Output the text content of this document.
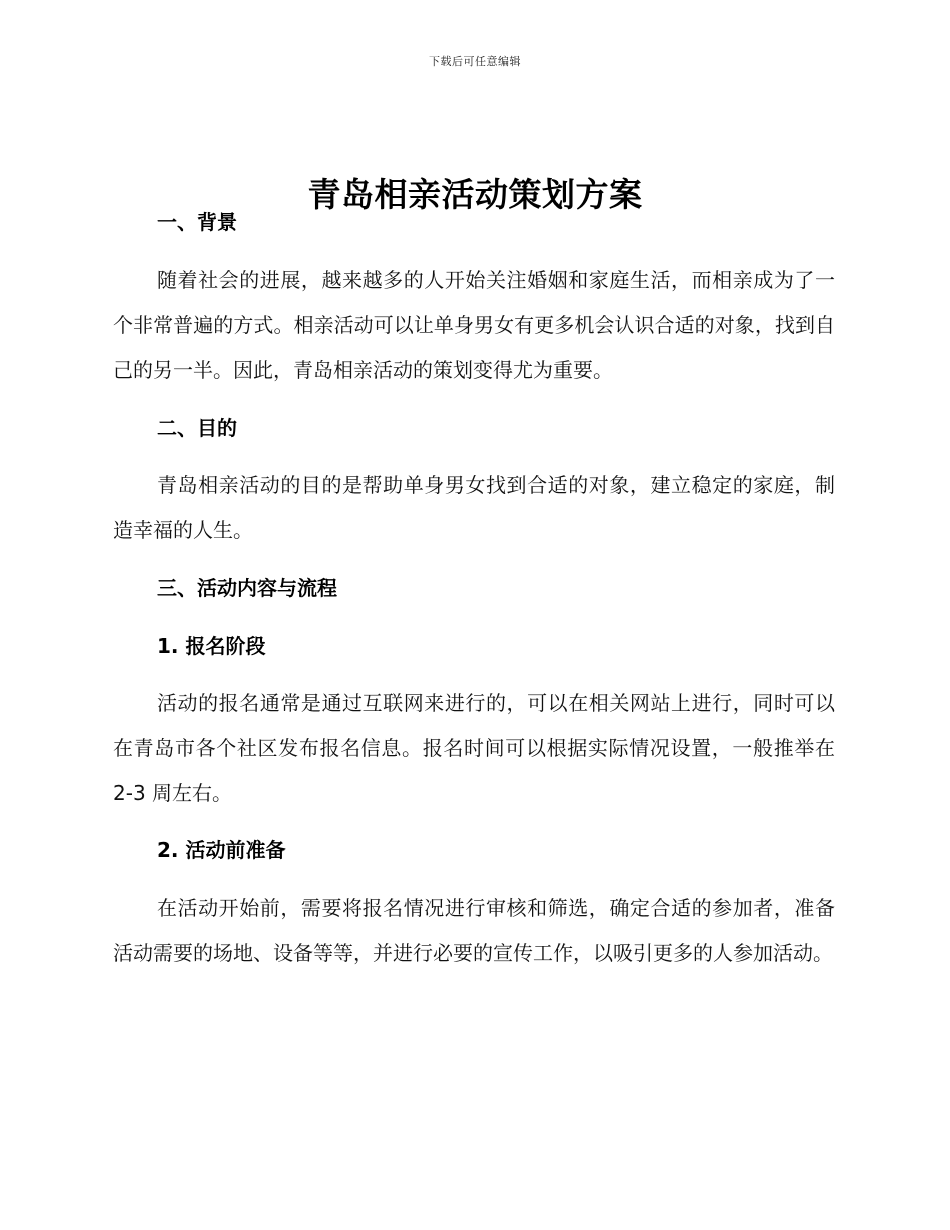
下载后可任意编辑
青岛相亲活动策划方案
一、背景

随着社会的进展，越来越多的人开始关注婚姻和家庭生活，而相亲成为了一个非常普遍的方式。相亲活动可以让单身男女有更多机会认识合适的对象，找到自己的另一半。因此，青岛相亲活动的策划变得尤为重要。

二、目的

青岛相亲活动的目的是帮助单身男女找到合适的对象，建立稳定的家庭，制造幸福的人生。

三、活动内容与流程
1. 报名阶段

活动的报名通常是通过互联网来进行的，可以在相关网站上进行，同时可以在青岛市各个社区发布报名信息。报名时间可以根据实际情况设置，一般推举在 2-3 周左右。

2. 活动前准备

在活动开始前，需要将报名情况进行审核和筛选，确定合适的参加者，准备活动需要的场地、设备等等，并进行必要的宣传工作，以吸引更多的人参加活动。
